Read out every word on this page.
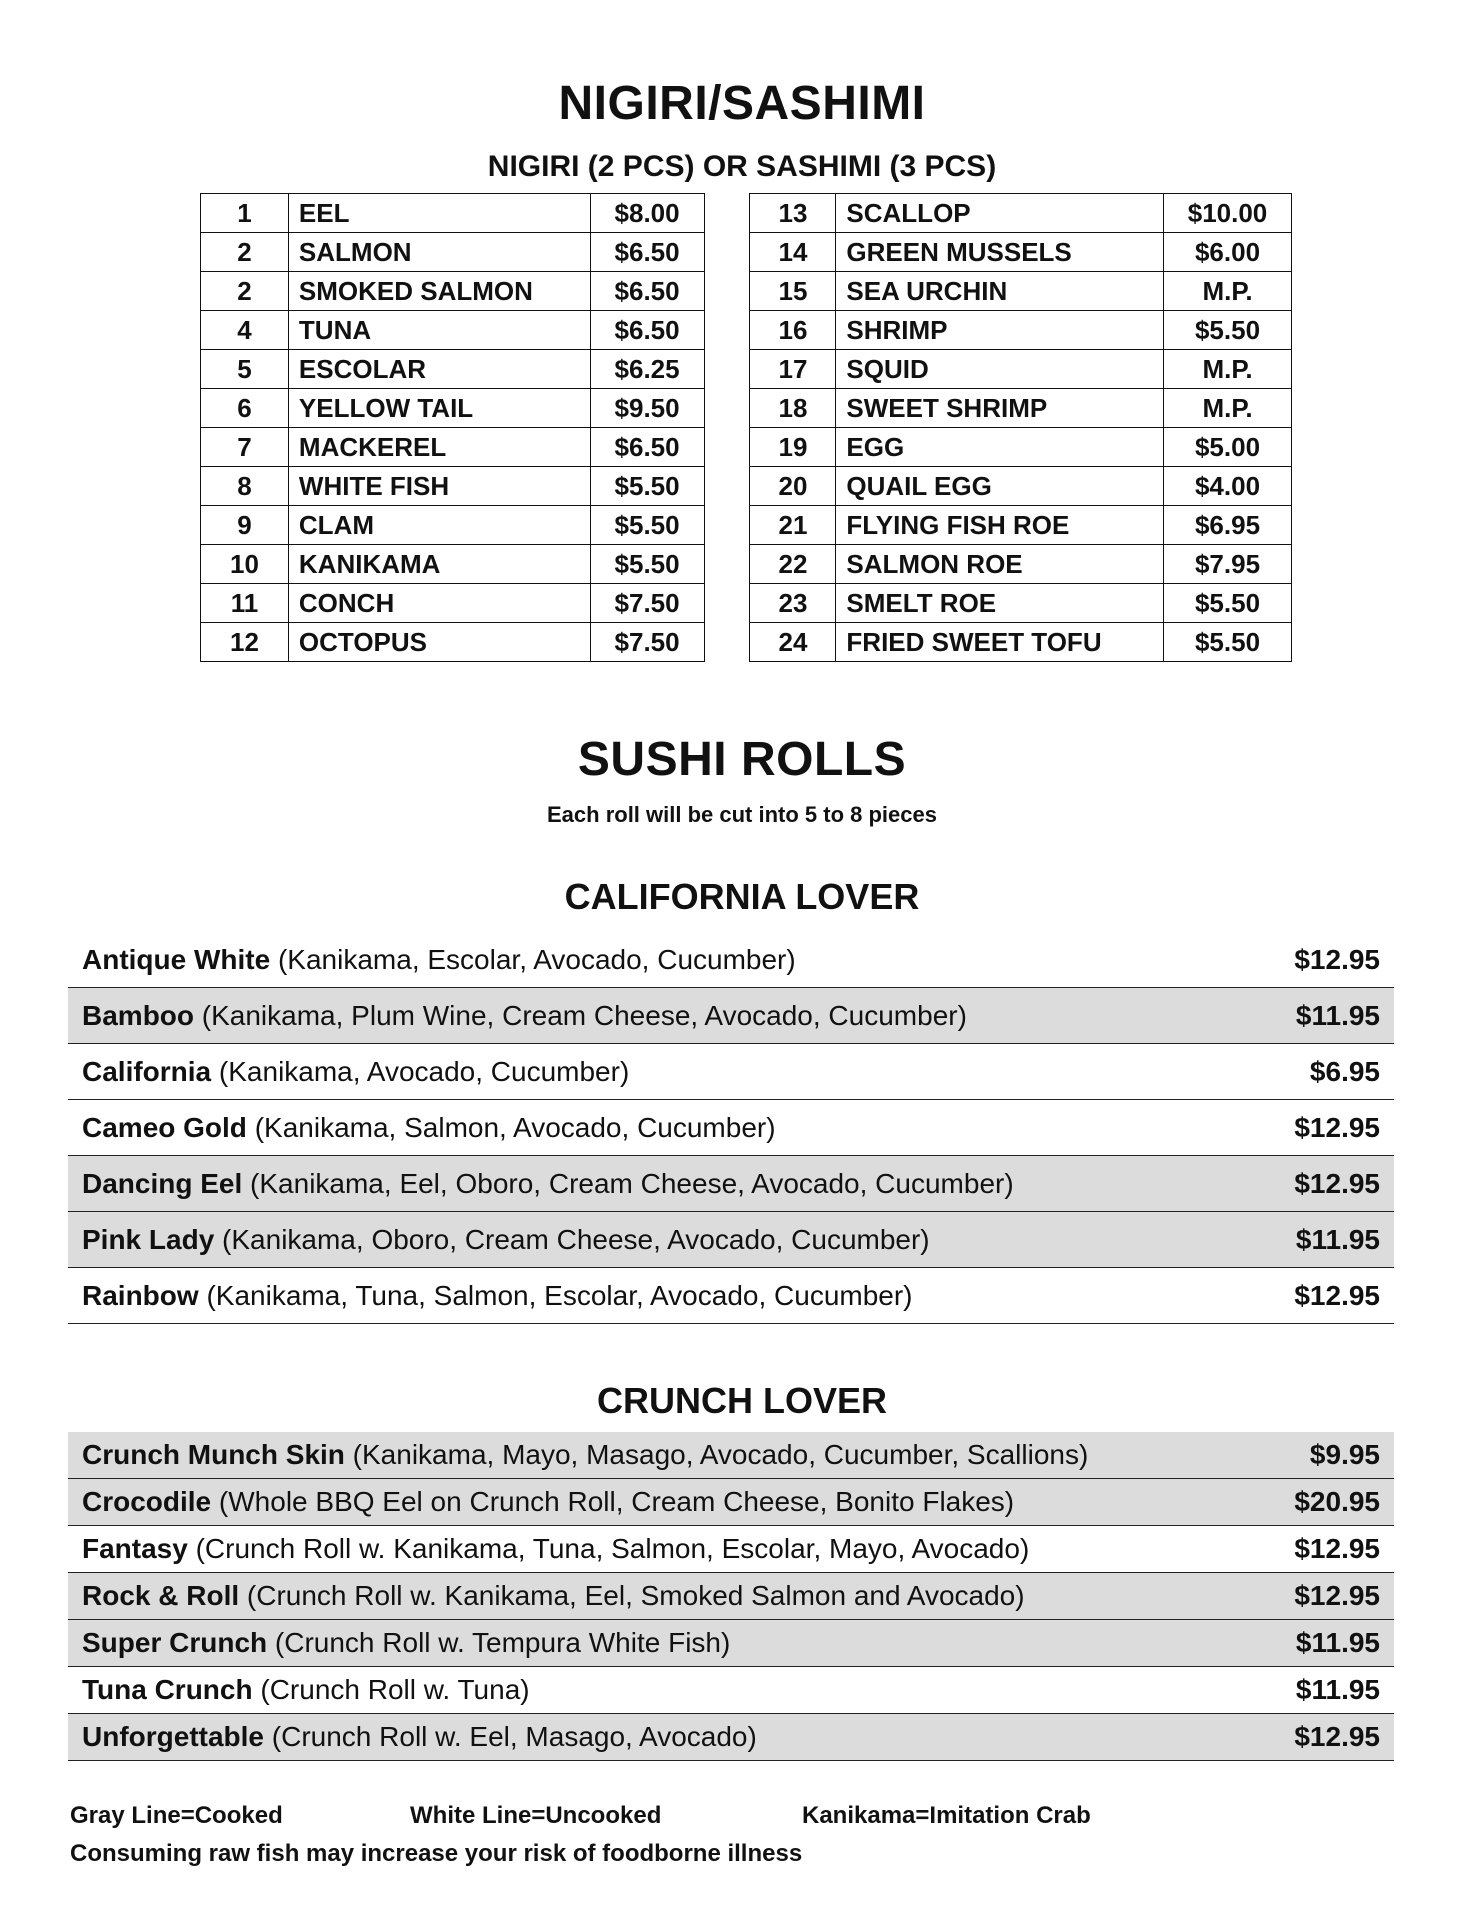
NIGIRI/SASHIMI
NIGIRI (2 PCS) OR SASHIMI (3 PCS)
1	EEL	$8.00		13	SCALLOP	$10.00
2	SALMON	$6.50		14	GREEN MUSSELS	$6.00
2	SMOKED SALMON	$6.50		15	SEA URCHIN	M.P.
4	TUNA	$6.50		16	SHRIMP	$5.50
5	ESCOLAR	$6.25		17	SQUID	M.P.
6	YELLOW TAIL	$9.50		18	SWEET SHRIMP	M.P.
7	MACKEREL	$6.50		19	EGG	$5.00
8	WHITE FISH	$5.50		20	QUAIL EGG	$4.00
9	CLAM	$5.50		21	FLYING FISH ROE	$6.95
10	KANIKAMA	$5.50		22	SALMON ROE	$7.95
11	CONCH	$7.50		23	SMELT ROE	$5.50
12	OCTOPUS	$7.50		24	FRIED SWEET TOFU	$5.50
SUSHI ROLLS
Each roll will be cut into 5 to 8 pieces
CALIFORNIA LOVER
Antique White (Kanikama, Escolar, Avocado, Cucumber)	$12.95
Bamboo (Kanikama, Plum Wine, Cream Cheese, Avocado, Cucumber)	$11.95
California (Kanikama, Avocado, Cucumber)	$6.95
Cameo Gold (Kanikama, Salmon, Avocado, Cucumber)	$12.95
Dancing Eel (Kanikama, Eel, Oboro, Cream Cheese, Avocado, Cucumber)	$12.95
Pink Lady (Kanikama, Oboro, Cream Cheese, Avocado, Cucumber)	$11.95
Rainbow (Kanikama, Tuna, Salmon, Escolar, Avocado, Cucumber)	$12.95
CRUNCH LOVER
Crunch Munch Skin (Kanikama, Mayo, Masago, Avocado, Cucumber, Scallions)	$9.95
Crocodile (Whole BBQ Eel on Crunch Roll, Cream Cheese, Bonito Flakes)	$20.95
Fantasy (Crunch Roll w. Kanikama, Tuna, Salmon, Escolar, Mayo, Avocado)	$12.95
Rock & Roll (Crunch Roll w. Kanikama, Eel, Smoked Salmon and Avocado)	$12.95
Super Crunch (Crunch Roll w. Tempura White Fish)	$11.95
Tuna Crunch (Crunch Roll w. Tuna)	$11.95
Unforgettable (Crunch Roll w. Eel, Masago, Avocado)	$12.95
Gray Line=Cooked	White Line=Uncooked	Kanikama=Imitation Crab
Consuming raw fish may increase your risk of foodborne illness
